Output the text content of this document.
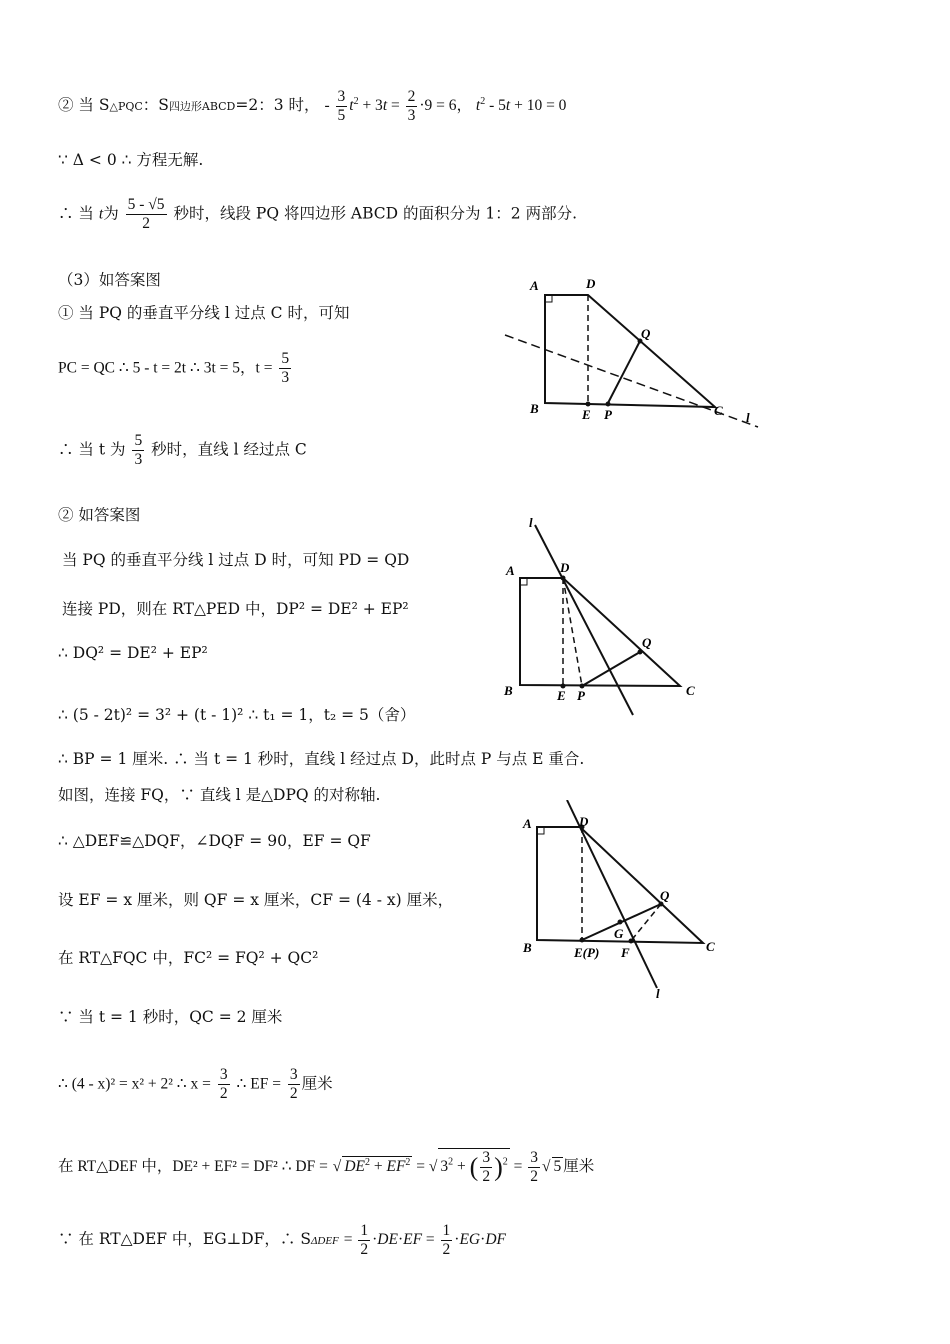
② 当 S△PQC：S四边形ABCD=2：3 时， - $\frac{3}{5} t^2 + 3t = \frac{2}{3} \cdot 9 = 6$， $t^2 - 5t + 10 = 0$
∵ Δ < 0 ∴ 方程无解.
∴ 当 t为 $\frac{5 - √5}{2}$ 秒时，线段 PQ 将四边形 ABCD 的面积分为 1：2 两部分.
（3）如答案图
① 当 PQ 的垂直平分线 l 过点 C 时，可知
PC = QC ∴ 5 - t = 2t ∴ 3t = 5，$t = \frac{5}{3}$
∴ 当 t 为 $\frac{5}{3}$ 秒时，直线 l 经过点 C
② 如答案图
当 PQ 的垂直平分线 l 过点 D 时，可知 PD = QD
连接 PD，则在 RT△PED 中，DP² = DE² + EP²
∴ DQ² = DE² + EP²
∴ (5 - 2t)² = 3² + (t - 1)² ∴ t₁ = 1，t₂ = 5（舍）
∴ BP = 1 厘米. ∴ 当 t = 1 秒时，直线 l 经过点 D，此时点 P 与点 E 重合.
如图，连接 FQ，∵ 直线 l 是△DPQ 的对称轴.
∴ △DEF≌△DQF，∠DQF = 90，EF = QF
设 EF = x 厘米，则 QF = x 厘米，CF = (4 - x) 厘米，
在 RT△FQC 中，FC² = FQ² + QC²
∵ 当 t = 1 秒时，QC = 2 厘米
∴ (4 - x)² = x² + 2² ∴ $x = \frac{3}{2}$ ∴ EF = $\frac{3}{2}$ 厘米
在 RT△DEF 中，DE² + EF² = DF² ∴ DF = √ $DE^2 + EF^2$ = √ $3^2$ + ( $\frac{3}{2} )^2 = \frac{3}{2}$ √ 5 厘米
∵ 在 RT△DEF 中，EG⊥DF，∴ $S\Delta DEF = \frac{1}{2} \cdot DE\cdot EF = \frac{1}{2} \cdot EG\cdot DF$
A	D
Q
B	E P	C l
l
A	D
Q
B	E P	C
A	D
Q
G
B	E(P) F	C
l
